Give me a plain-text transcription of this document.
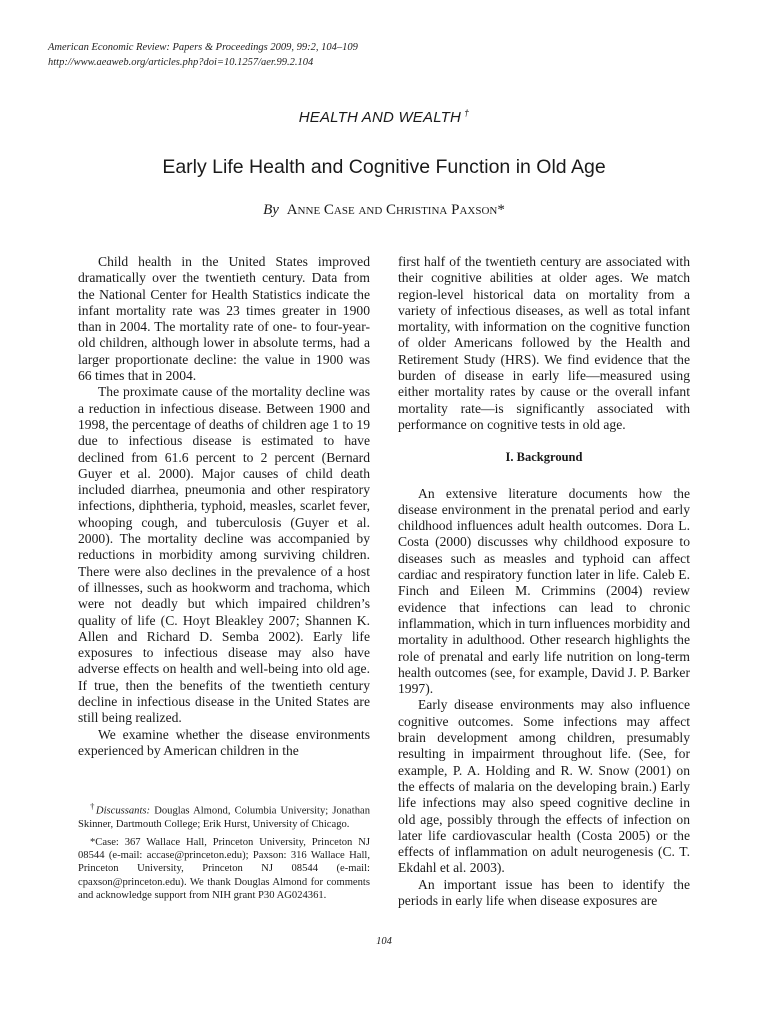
American Economic Review: Papers & Proceedings 2009, 99:2, 104–109
http://www.aeaweb.org/articles.php?doi=10.1257/aer.99.2.104
HEALTH AND WEALTH †
Early Life Health and Cognitive Function in Old Age
By Anne Case and Christina Paxson*

Child health in the United States improved dramatically over the twentieth century. Data from the National Center for Health Statistics indicate the infant mortality rate was 23 times greater in 1900 than in 2004. The mortality rate of one- to four-year-old children, although lower in absolute terms, had a larger proportionate decline: the value in 1900 was 66 times that in 2004.

The proximate cause of the mortality decline was a reduction in infectious disease. Between 1900 and 1998, the percentage of deaths of children age 1 to 19 due to infectious disease is estimated to have declined from 61.6 percent to 2 percent (Bernard Guyer et al. 2000). Major causes of child death included diarrhea, pneumonia and other respiratory infections, diphtheria, typhoid, measles, scarlet fever, whooping cough, and tuberculosis (Guyer et al. 2000). The mortality decline was accompanied by reductions in morbidity among surviving children. There were also declines in the prevalence of a host of illnesses, such as hookworm and trachoma, which were not deadly but which impaired children’s quality of life (C. Hoyt Bleakley 2007; Shannen K. Allen and Richard D. Semba 2002). Early life exposures to infectious disease may also have adverse effects on health and well-being into old age. If true, then the benefits of the twentieth century decline in infectious disease in the United States are still being realized.

We examine whether the disease environments experienced by American children in the

first half of the twentieth century are associated with their cognitive abilities at older ages. We match region-level historical data on mortality from a variety of infectious diseases, as well as total infant mortality, with information on the cognitive function of older Americans followed by the Health and Retirement Study (HRS). We find evidence that the burden of disease in early life—measured using either mortality rates by cause or the overall infant mortality rate—is significantly associated with performance on cognitive tests in old age.

I. Background

An extensive literature documents how the disease environment in the prenatal period and early childhood influences adult health outcomes. Dora L. Costa (2000) discusses why childhood exposure to diseases such as measles and typhoid can affect cardiac and respiratory function later in life. Caleb E. Finch and Eileen M. Crimmins (2004) review evidence that infections can lead to chronic inflammation, which in turn influences morbidity and mortality in adulthood. Other research highlights the role of prenatal and early life nutrition on long-term health outcomes (see, for example, David J. P. Barker 1997).

Early disease environments may also influence cognitive outcomes. Some infections may affect brain development among children, presumably resulting in impairment throughout life. (See, for example, P. A. Holding and R. W. Snow (2001) on the effects of malaria on the developing brain.) Early life infections may also speed cognitive decline in old age, possibly through the effects of infection on later life cardiovascular health (Costa 2005) or the effects of inflammation on adult neurogenesis (C. T. Ekdahl et al. 2003).

An important issue has been to identify the periods in early life when disease exposures are

†Discussants: Douglas Almond, Columbia University; Jonathan Skinner, Dartmouth College; Erik Hurst, University of Chicago.

*Case: 367 Wallace Hall, Princeton University, Princeton NJ 08544 (e-mail: accase@princeton.edu); Paxson: 316 Wallace Hall, Princeton University, Princeton NJ 08544 (e-mail: cpaxson@princeton.edu). We thank Douglas Almond for comments and acknowledge support from NIH grant P30 AG024361.

104
